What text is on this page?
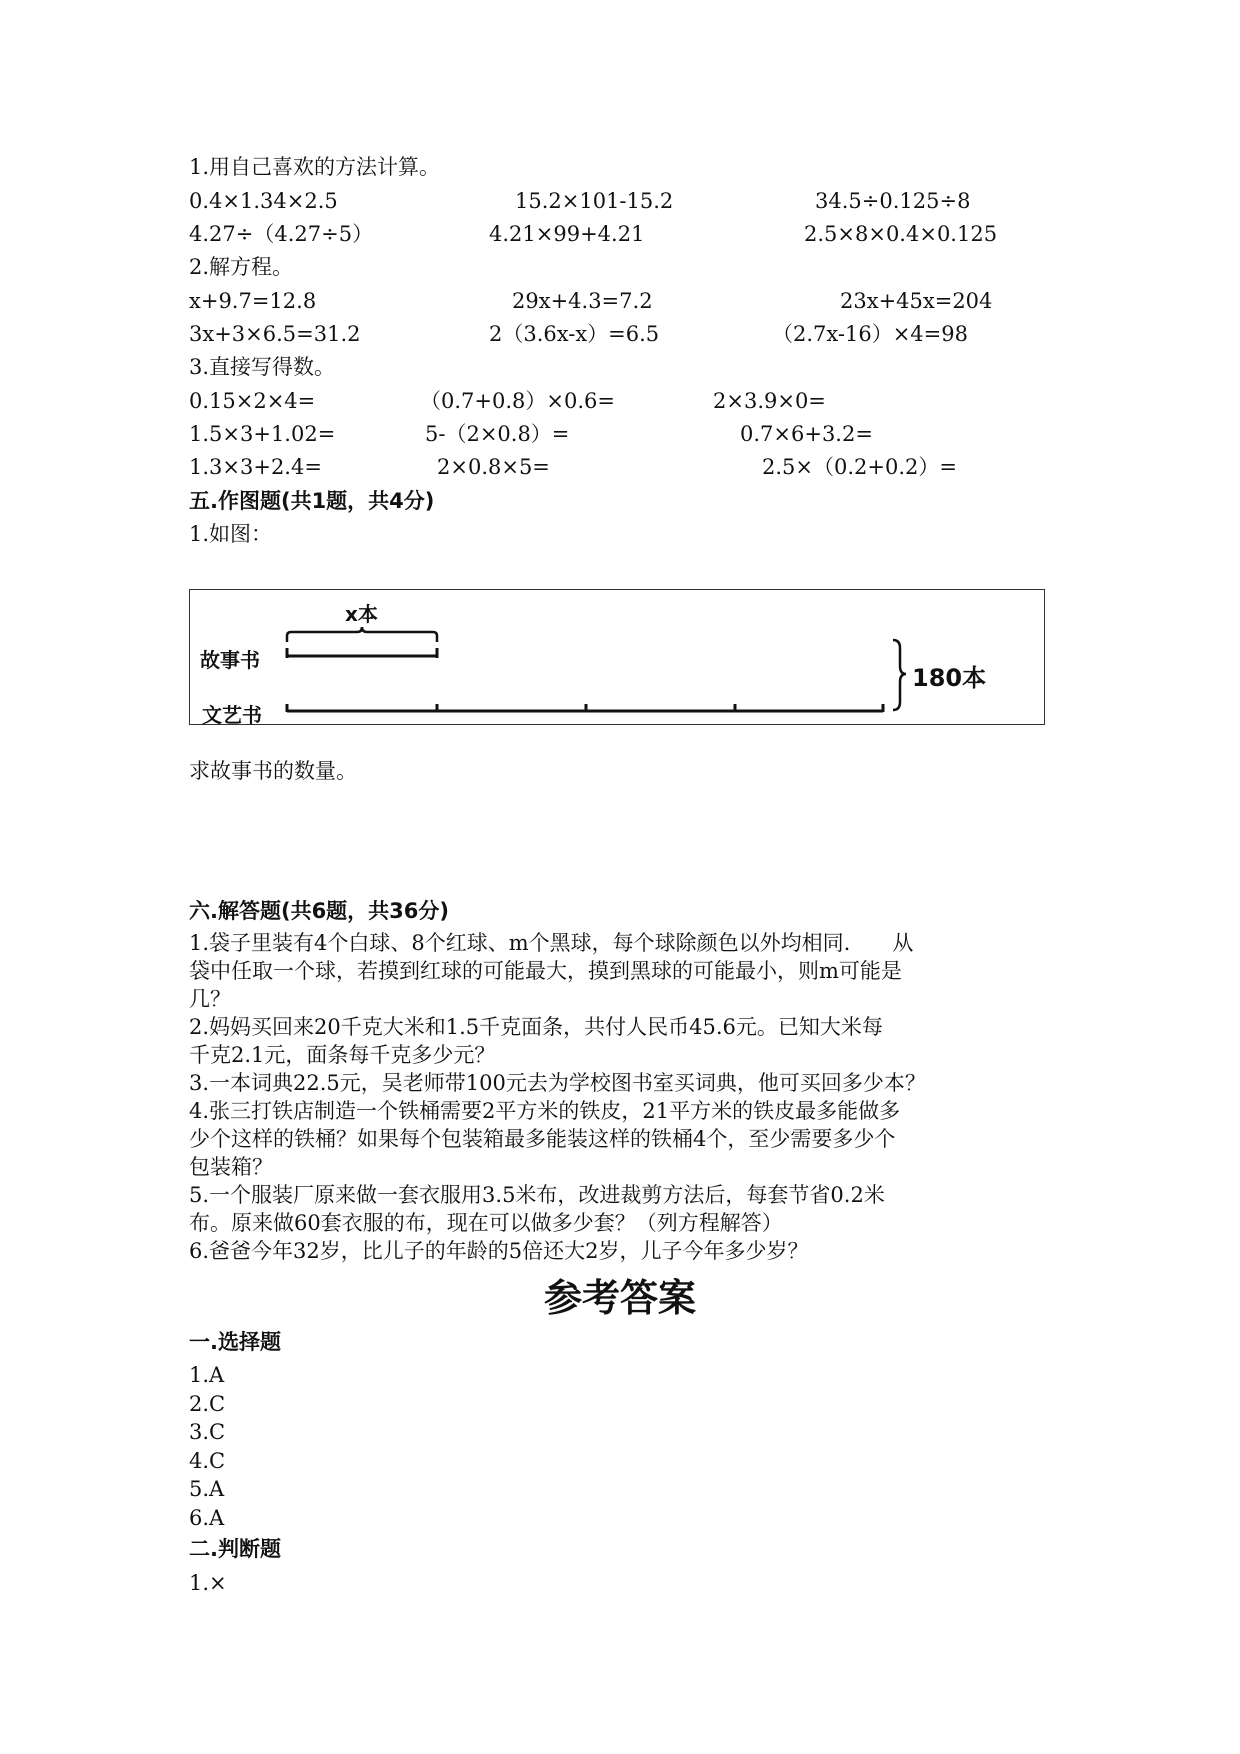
1.用自己喜欢的方法计算。
0.4×1.34×2.5	15.2×101-15.2	34.5÷0.125÷8
4.27÷（4.27÷5）	4.21×99+4.21	2.5×8×0.4×0.125
2.解方程。
x+9.7=12.8	29x+4.3=7.2	23x+45x=204
3x+3×6.5=31.2	2（3.6x-x）=6.5	（2.7x-16）×4=98
3.直接写得数。
0.15×2×4=	（0.7+0.8）×0.6=	2×3.9×0=
1.5×3+1.02=	5-（2×0.8）=	0.7×6+3.2=
1.3×3+2.4=	2×0.8×5=	2.5×（0.2+0.2）=
五.作图题(共1题，共4分)
1.如图：
x本
故事书
文艺书
180本
求故事书的数量。
六.解答题(共6题，共36分)
1.袋子里装有4个白球、8个红球、m个黑球，每个球除颜色以外均相同.　　从
袋中任取一个球，若摸到红球的可能最大，摸到黑球的可能最小，则m可能是
几？
2.妈妈买回来20千克大米和1.5千克面条，共付人民币45.6元。已知大米每
千克2.1元，面条每千克多少元？
3.一本词典22.5元，吴老师带100元去为学校图书室买词典，他可买回多少本？
4.张三打铁店制造一个铁桶需要2平方米的铁皮，21平方米的铁皮最多能做多
少个这样的铁桶？如果每个包装箱最多能装这样的铁桶4个，至少需要多少个
包装箱？
5.一个服装厂原来做一套衣服用3.5米布，改进裁剪方法后，每套节省0.2米
布。原来做60套衣服的布，现在可以做多少套？（列方程解答）
6.爸爸今年32岁，比儿子的年龄的5倍还大2岁，儿子今年多少岁？
参考答案
一.选择题
1.A
2.C
3.C
4.C
5.A
6.A
二.判断题
1.×
